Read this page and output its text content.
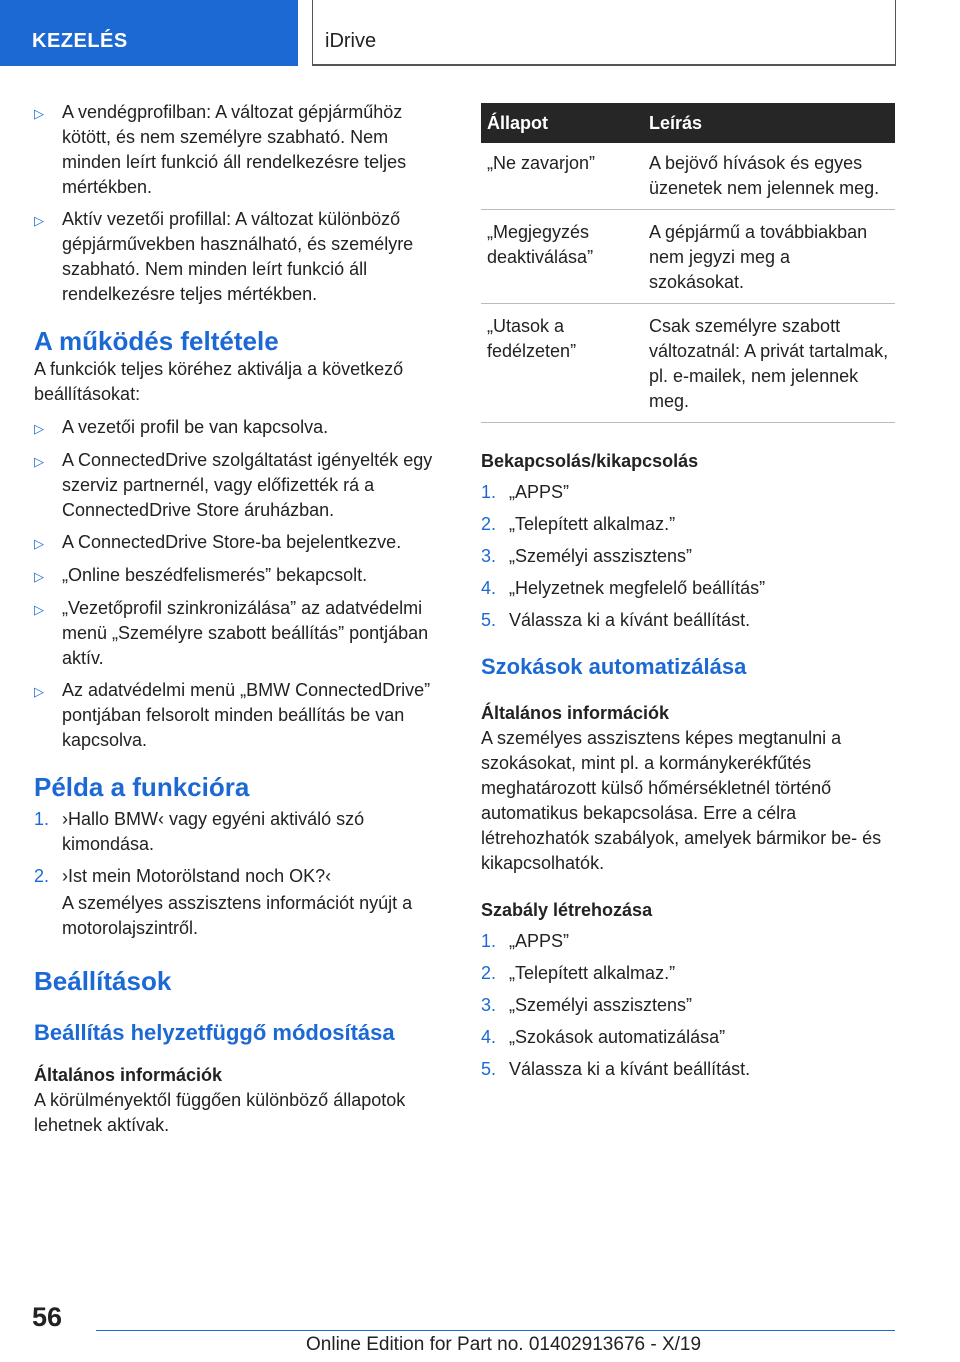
KEZELÉS	iDrive
▷	A vendégprofilban: A változat gépjárműhöz kötött, és nem személyre szabható. Nem minden leírt funkció áll rendelkezésre teljes mértékben.
▷	Aktív vezetői profillal: A változat különböző gépjárművekben használható, és személyre szabható. Nem minden leírt funkció áll rendelkezésre teljes mértékben.
A működés feltétele

A funkciók teljes köréhez aktiválja a következő beállításokat:

▷	A vezetői profil be van kapcsolva.
▷	A ConnectedDrive szolgáltatást igényelték egy szerviz partnernél, vagy előfizették rá a ConnectedDrive Store áruházban.
▷	A ConnectedDrive Store-ba bejelentkezve.
▷	„Online beszédfelismerés” bekapcsolt.
▷	„Vezetőprofil szinkronizálása” az adatvédelmi menü „Személyre szabott beállítás” pontjában aktív.
▷	Az adatvédelmi menü „BMW ConnectedDrive” pontjában felsorolt minden beállítás be van kapcsolva.
Példa a funkcióra
1. ›Hallo BMW‹ vagy egyéni aktiváló szó kimondása.
2. ›Ist mein Motorölstand noch OK?‹

A személyes asszisztens információt nyújt a motorolajszintről.

Beállítások
Beállítás helyzetfüggő módosítása
Általános információk

A körülményektől függően különböző állapotok lehetnek aktívak.

Állapot	Leírás
„Ne zavarjon”	A bejövő hívások és egyes üzenetek nem jelennek meg.
„Megjegyzés deaktiválása”	A gépjármű a továbbiakban nem jegyzi meg a szokásokat.
„Utasok a fedélzeten”	Csak személyre szabott változatnál: A privát tartalmak, pl. e-mailek, nem jelennek meg.
Bekapcsolás/kikapcsolás
1. „APPS”
2. „Telepített alkalmaz.”
3. „Személyi asszisztens”
4. „Helyzetnek megfelelő beállítás”
5. Válassza ki a kívánt beállítást.
Szokások automatizálása
Általános információk

A személyes asszisztens képes megtanulni a szokásokat, mint pl. a kormánykerékfűtés meghatározott külső hőmérsékletnél történő automatikus bekapcsolása. Erre a célra létrehozhatók szabályok, amelyek bármikor be- és kikapcsolhatók.

Szabály létrehozása
1. „APPS”
2. „Telepített alkalmaz.”
3. „Személyi asszisztens”
4. „Szokások automatizálása”
5. Válassza ki a kívánt beállítást.
56
Online Edition for Part no. 01402913676 - X/19
